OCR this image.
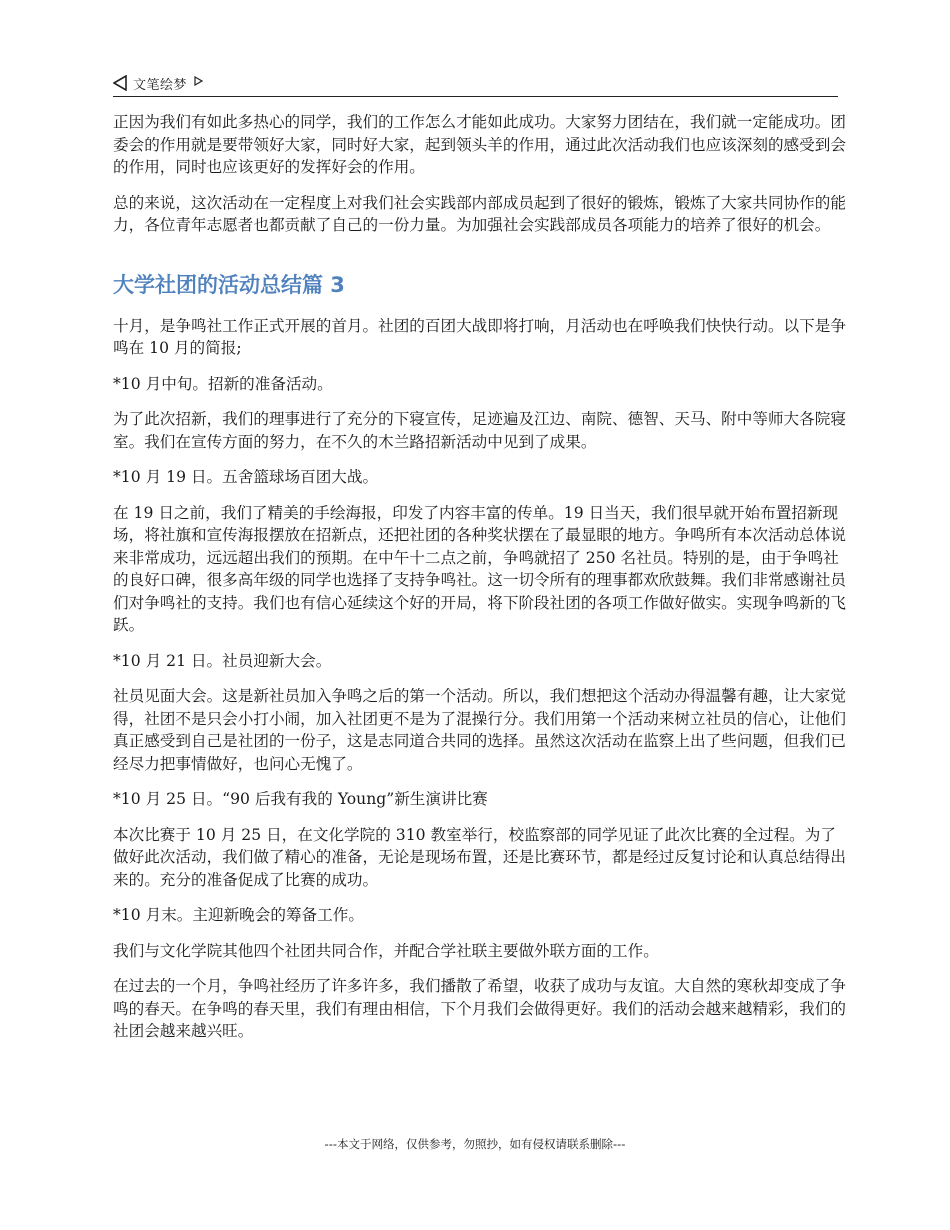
文笔绘梦

正因为我们有如此多热心的同学，我们的工作怎么才能如此成功。大家努力团结在，我们就一定能成功。团委会的作用就是要带领好大家，同时好大家，起到领头羊的作用，通过此次活动我们也应该深刻的感受到会的作用，同时也应该更好的发挥好会的作用。

总的来说，这次活动在一定程度上对我们社会实践部内部成员起到了很好的锻炼，锻炼了大家共同协作的能力，各位青年志愿者也都贡献了自己的一份力量。为加强社会实践部成员各项能力的培养了很好的机会。

大学社团的活动总结篇 3

十月，是争鸣社工作正式开展的首月。社团的百团大战即将打响，月活动也在呼唤我们快快行动。以下是争鸣在 10 月的简报;

*10 月中旬。招新的准备活动。

为了此次招新，我们的理事进行了充分的下寝宣传，足迹遍及江边、南院、德智、天马、附中等师大各院寝室。我们在宣传方面的努力，在不久的木兰路招新活动中见到了成果。

*10 月 19 日。五舍篮球场百团大战。

在 19 日之前，我们了精美的手绘海报，印发了内容丰富的传单。19 日当天，我们很早就开始布置招新现场，将社旗和宣传海报摆放在招新点，还把社团的各种奖状摆在了最显眼的地方。争鸣所有本次活动总体说来非常成功，远远超出我们的预期。在中午十二点之前，争鸣就招了 250 名社员。特别的是，由于争鸣社的良好口碑，很多高年级的同学也选择了支持争鸣社。这一切令所有的理事都欢欣鼓舞。我们非常感谢社员们对争鸣社的支持。我们也有信心延续这个好的开局，将下阶段社团的各项工作做好做实。实现争鸣新的飞跃。

*10 月 21 日。社员迎新大会。

社员见面大会。这是新社员加入争鸣之后的第一个活动。所以，我们想把这个活动办得温馨有趣，让大家觉得，社团不是只会小打小闹，加入社团更不是为了混操行分。我们用第一个活动来树立社员的信心，让他们真正感受到自己是社团的一份子，这是志同道合共同的选择。虽然这次活动在监察上出了些问题，但我们已经尽力把事情做好，也问心无愧了。

*10 月 25 日。“90 后我有我的 Young”新生演讲比赛

本次比赛于 10 月 25 日，在文化学院的 310 教室举行，校监察部的同学见证了此次比赛的全过程。为了做好此次活动，我们做了精心的准备，无论是现场布置，还是比赛环节，都是经过反复讨论和认真总结得出来的。充分的准备促成了比赛的成功。

*10 月末。主迎新晚会的筹备工作。

我们与文化学院其他四个社团共同合作，并配合学社联主要做外联方面的工作。

在过去的一个月，争鸣社经历了许多许多，我们播散了希望，收获了成功与友谊。大自然的寒秋却变成了争鸣的春天。在争鸣的春天里，我们有理由相信，下个月我们会做得更好。我们的活动会越来越精彩，我们的社团会越来越兴旺。

---本文于网络，仅供参考，勿照抄，如有侵权请联系删除---
